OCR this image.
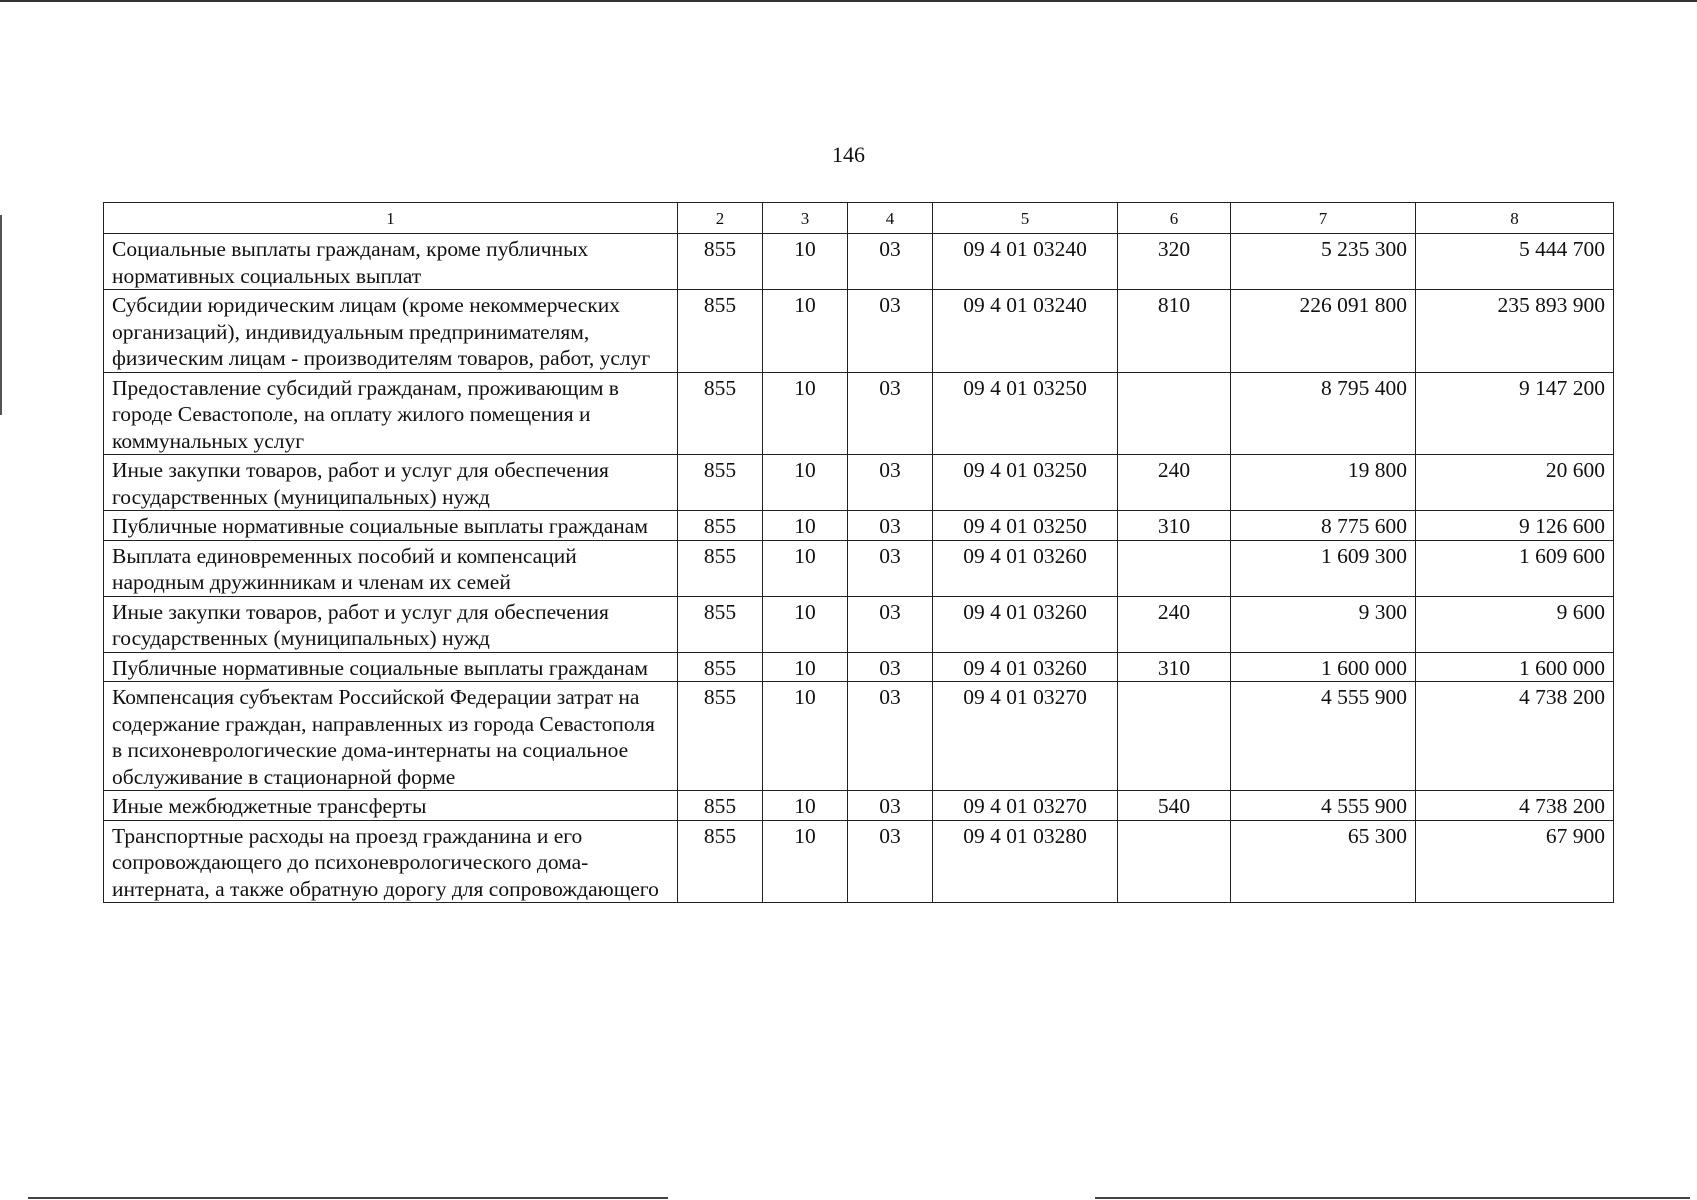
146
1	2	3	4	5	6	7	8
Социальные выплаты гражданам, кроме публичных нормативных социальных выплат	855	10	03	09 4 01 03240	320	5 235 300	5 444 700
Субсидии юридическим лицам (кроме некоммерческих организаций), индивидуальным предпринимателям, физическим лицам - производителям товаров, работ, услуг	855	10	03	09 4 01 03240	810	226 091 800	235 893 900
Предоставление субсидий гражданам, проживающим в городе Севастополе, на оплату жилого помещения и коммунальных услуг	855	10	03	09 4 01 03250		8 795 400	9 147 200
Иные закупки товаров, работ и услуг для обеспечения государственных (муниципальных) нужд	855	10	03	09 4 01 03250	240	19 800	20 600
Публичные нормативные социальные выплаты гражданам	855	10	03	09 4 01 03250	310	8 775 600	9 126 600
Выплата единовременных пособий и компенсаций народным дружинникам и членам их семей	855	10	03	09 4 01 03260		1 609 300	1 609 600
Иные закупки товаров, работ и услуг для обеспечения государственных (муниципальных) нужд	855	10	03	09 4 01 03260	240	9 300	9 600
Публичные нормативные социальные выплаты гражданам	855	10	03	09 4 01 03260	310	1 600 000	1 600 000
Компенсация субъектам Российской Федерации затрат на содержание граждан, направленных из города Севастополя в психоневрологические дома-интернаты на социальное обслуживание в стационарной форме	855	10	03	09 4 01 03270		4 555 900	4 738 200
Иные межбюджетные трансферты	855	10	03	09 4 01 03270	540	4 555 900	4 738 200
Транспортные расходы на проезд гражданина и его сопровождающего до психоневрологического дома-интерната, а также обратную дорогу для сопровождающего	855	10	03	09 4 01 03280		65 300	67 900
